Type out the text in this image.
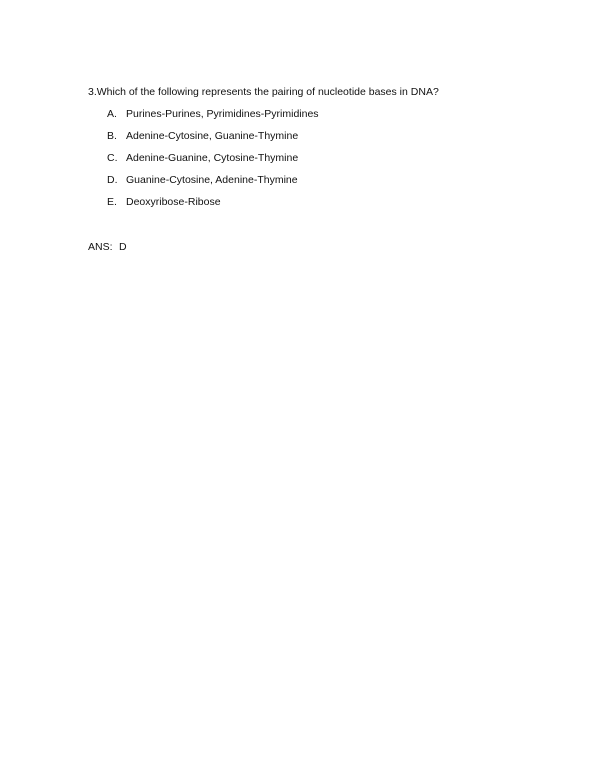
3.Which of the following represents the pairing of nucleotide bases in DNA?
A. Purines-Purines, Pyrimidines-Pyrimidines
B. Adenine-Cytosine, Guanine-Thymine
C. Adenine-Guanine, Cytosine-Thymine
D. Guanine-Cytosine, Adenine-Thymine
E. Deoxyribose-Ribose
ANS: D
